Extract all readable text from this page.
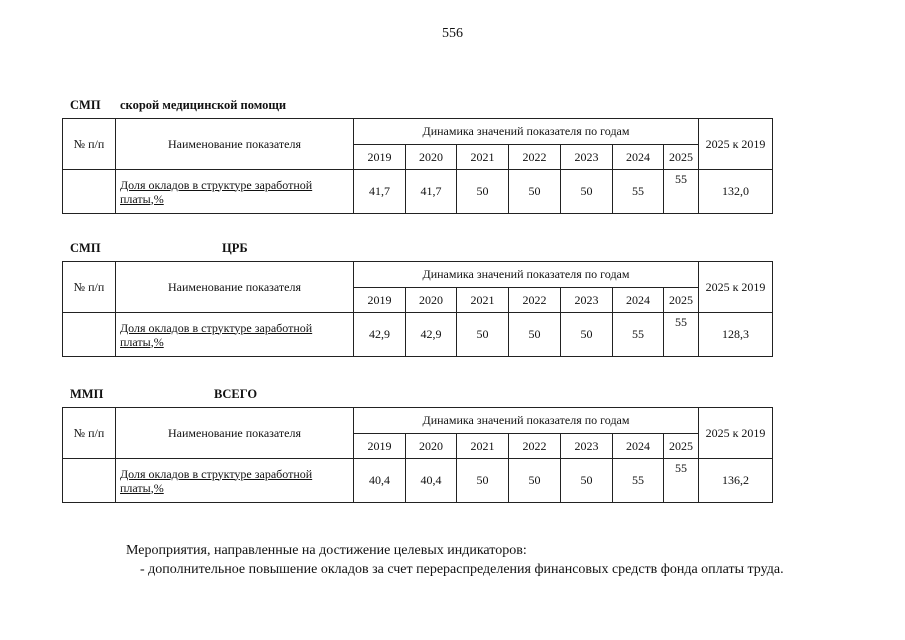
556
СМП скорой медицинской помощи
№ п/п	Наименование показателя	Динамика значений показателя по годам							2025 к 2019
		2019	2020	2021	2022	2023	2024	2025	
	Доля окладов в структуре заработной платы,%	41,7	41,7	50	50	50	55	55	132,0
СМП	ЦРБ
№ п/п	Наименование показателя	Динамика значений показателя по годам							2025 к 2019
		2019	2020	2021	2022	2023	2024	2025	
	Доля окладов в структуре заработной платы,%	42,9	42,9	50	50	50	55	55	128,3
ММП	ВСЕГО
№ п/п	Наименование показателя	Динамика значений показателя по годам							2025 к 2019
		2019	2020	2021	2022	2023	2024	2025	
	Доля окладов в структуре заработной платы,%	40,4	40,4	50	50	50	55	55	136,2
Мероприятия, направленные на достижение целевых индикаторов:
- дополнительное повышение окладов за счет перераспределения финансовых средств фонда оплаты труда.
